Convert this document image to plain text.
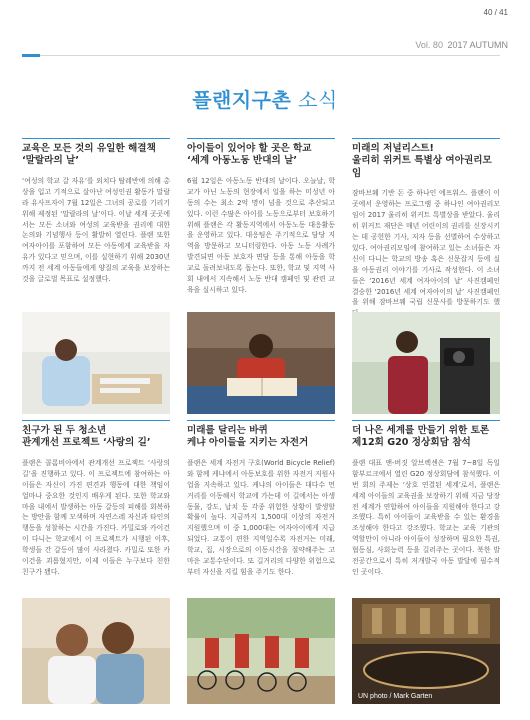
40 / 41
Vol. 80 2017 AUTUMN
플랜지구촌 소식
교육은 모든 것의 유일한 해결책
‘말랄라의 날’
‘여성의 학교 갈 자유’를 외치다 탈레반에 의해 총상을 입고 기적으로 살아난 여성인권 활동가 말랄라 유사프자이 7월 12일은 그녀의 공로를 기리기 위해 제정된 ‘말랄라의 날’이다. 이날 세계 곳곳에서는 모든 소녀와 여성의 교육받을 권리에 대한 논의와 기념행사 등이 활발히 열린다. 플랜 또한 여자아이를 포함하여 모든 아동에게 교육받을 자유가 있다고 믿으며, 이를 실현하기 위해 2030년까지 전 세계 아동들에게 양질의 교육을 보장하는 것을 글로벌 목표로 설정했다.
아이들이 있어야 할 곳은 학교
‘세계 아동노동 반대의 날’
6월 12일은 아동노동 반대의 날이다. 오늘날, 학교가 아닌 노동의 현장에서 일을 하는 미성년 아동의 수는 최소 2억 명이 넘을 것으로 추산되고 있다. 이런 수많은 아이를 노동으로부터 보호하기 위해 플랜은 각 활동지역에서 아동노동 대응활동을 운영하고 있다. 대응팀은 주기적으로 담당 지역을 방문하고 모니터링한다. 아동 노동 사례가 발견되면 아동 보호자 면담 등을 통해 아동을 학교로 돌려보내도록 돕는다. 또한, 학교 및 지역 사회 내에서 지속해서 노동 반대 캠페인 및 관련 교육을 실시하고 있다.
미래의 저널리스트!
울리히 위커트 특별상 여아권리모임
잠바브웨 기반 돈 중 하나인 에프워스. 플랜이 이곳에서 운영하는 프로그램 중 하나인 여아권리모임이 2017 울리히 위커트 특별상을 받았다. 울리히 위커트 재단은 매년 어린이의 권리를 신장시키는 데 공헌한 기사, 저자 등을 선별하여 수상하고 있다. 여아권리모임에 참여하고 있는 소녀들은 자신이 다니는 학교의 방송 혹은 신문잡지 등에 실을 아동권리 이야기를 기사로 작성한다. 이 소녀들은 ‘2016년 세계 여자아이의 날’ 사진캠페인 결승한 ‘2016년 세계 여자아이의 날’ 사진캠페인을 위해 잠바브웨 국립 신문사를 방문하기도 했
친구가 된 두 청소년
관계개선 프로젝트 ‘사랑의 길’
플랜은 콜롬비아에서 관계개선 프로젝트 ‘사랑의 길’을 진행하고 있다. 이 프로젝트에 참여하는 아이들은 자신이 가진 편견과 행동에 대한 책임이 얼마나 중요한 것인지 배우게 된다. 또한 학교와 마을 내에서 발생하는 아동 갈등의 피해를 회복하는 방안을 함께 모색하며 자연스레 자신과 타인의 행동을 성찰하는 시간을 가진다. 카밀로와 카이건이 다니는 학교에서 이 프로젝트가 시행된 이후, 학생들 간 갈등이 많이 사라졌다. 카밀로 또한 카이건을 괴롭혔지만, 이제 이들은 누구보다 친한 친구가 됐다.
미래를 달리는 바퀴
케냐 아이들을 지키는 자전거
플랜은 세계 자전거 구호(World Bicycle Relief)와 함께 케냐에서 아동보호를 위한 자전거 지원사업을 지속하고 있다. 케냐의 아이들은 대다수 먼 거리를 이동해서 학교에 가는데 이 길에서는 아생동물, 강도, 납치 등 각종 위험한 상황이 발생할 확률이 높다. 지금까지 1,500대 이상의 자전거 지원했으며 이 중 1,000대는 여자아이에게 지급되었다. 교통이 편한 지역일수록 자전거는 미래, 학교, 집, 시장으로의 이동시간을 절약해주는 고마운 교통수단이다. 또 길거리의 다양한 위험으로부터 자신을 지킬 힘을 주기도 한다.
더 나은 세계를 만들기 위한 토론
제12회 G20 정상회담 참석
플랜 대표 앤-버짓 알브렉센은 7월 7~8일 독일 함부르크에서 열린 G20 정상회담에 참석했다. 이번 회의 주제는 ‘상호 연결된 세계’로서, 플랜은 세계 아이들의 교육권을 보장하기 위해 지금 당장 전 세계가 연합하여 아이들을 지원해야 한다고 강조했다. 특히 아이들이 교육받을 수 있는 환경을 조성해야 한다고 강조했다. 학교는 교육 기관의 역할만이 아니라 아이들이 성장하며 필요한 특권, 협동심, 사회능력 등을 길러주는 곳이다. 북한 발전공간으로서 특히 저개발국 아동 발달에 필수적인 곳이다.
UN photo / Mark Garten
